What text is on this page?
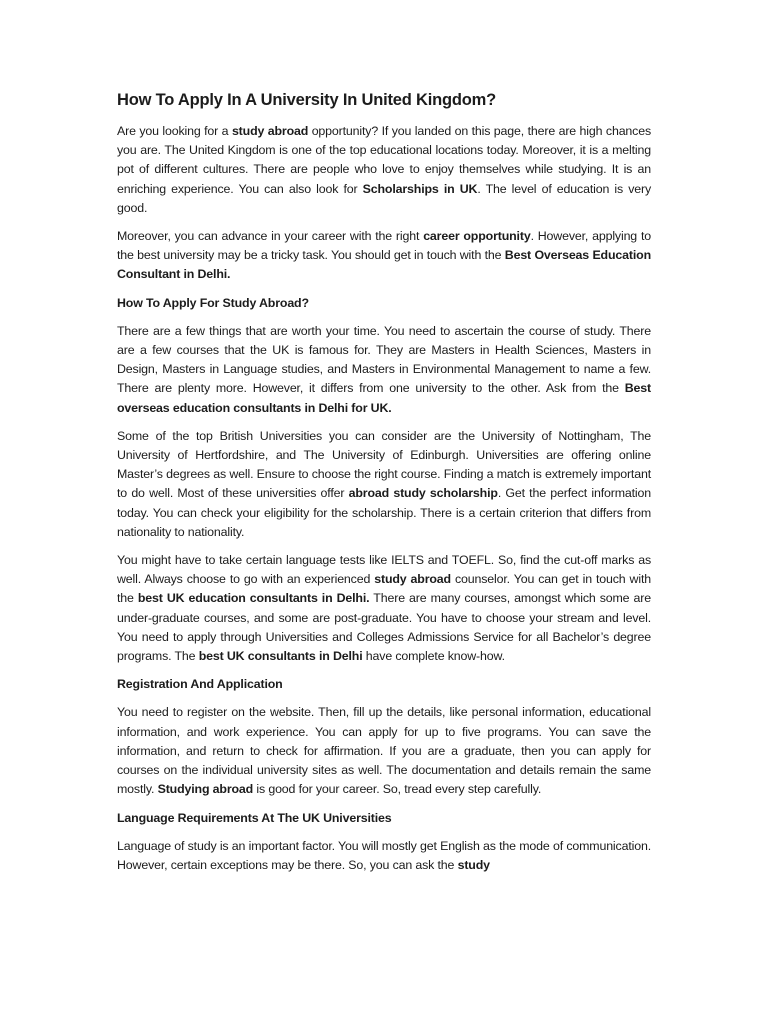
How To Apply In A University In United Kingdom?

Are you looking for a study abroad opportunity? If you landed on this page, there are high chances you are. The United Kingdom is one of the top educational locations today. Moreover, it is a melting pot of different cultures. There are people who love to enjoy themselves while studying. It is an enriching experience. You can also look for Scholarships in UK. The level of education is very good.

Moreover, you can advance in your career with the right career opportunity. However, applying to the best university may be a tricky task. You should get in touch with the Best Overseas Education Consultant in Delhi.

How To Apply For Study Abroad?

There are a few things that are worth your time. You need to ascertain the course of study. There are a few courses that the UK is famous for. They are Masters in Health Sciences, Masters in Design, Masters in Language studies, and Masters in Environmental Management to name a few. There are plenty more. However, it differs from one university to the other. Ask from the Best overseas education consultants in Delhi for UK.

Some of the top British Universities you can consider are the University of Nottingham, The University of Hertfordshire, and The University of Edinburgh. Universities are offering online Master’s degrees as well. Ensure to choose the right course. Finding a match is extremely important to do well. Most of these universities offer abroad study scholarship. Get the perfect information today. You can check your eligibility for the scholarship. There is a certain criterion that differs from nationality to nationality.

You might have to take certain language tests like IELTS and TOEFL. So, find the cut-off marks as well. Always choose to go with an experienced study abroad counselor. You can get in touch with the best UK education consultants in Delhi. There are many courses, amongst which some are under-graduate courses, and some are post-graduate. You have to choose your stream and level. You need to apply through Universities and Colleges Admissions Service for all Bachelor’s degree programs. The best UK consultants in Delhi have complete know-how.

Registration And Application

You need to register on the website. Then, fill up the details, like personal information, educational information, and work experience. You can apply for up to five programs. You can save the information, and return to check for affirmation. If you are a graduate, then you can apply for courses on the individual university sites as well. The documentation and details remain the same mostly. Studying abroad is good for your career. So, tread every step carefully.

Language Requirements At The UK Universities

Language of study is an important factor. You will mostly get English as the mode of communication. However, certain exceptions may be there. So, you can ask the study
